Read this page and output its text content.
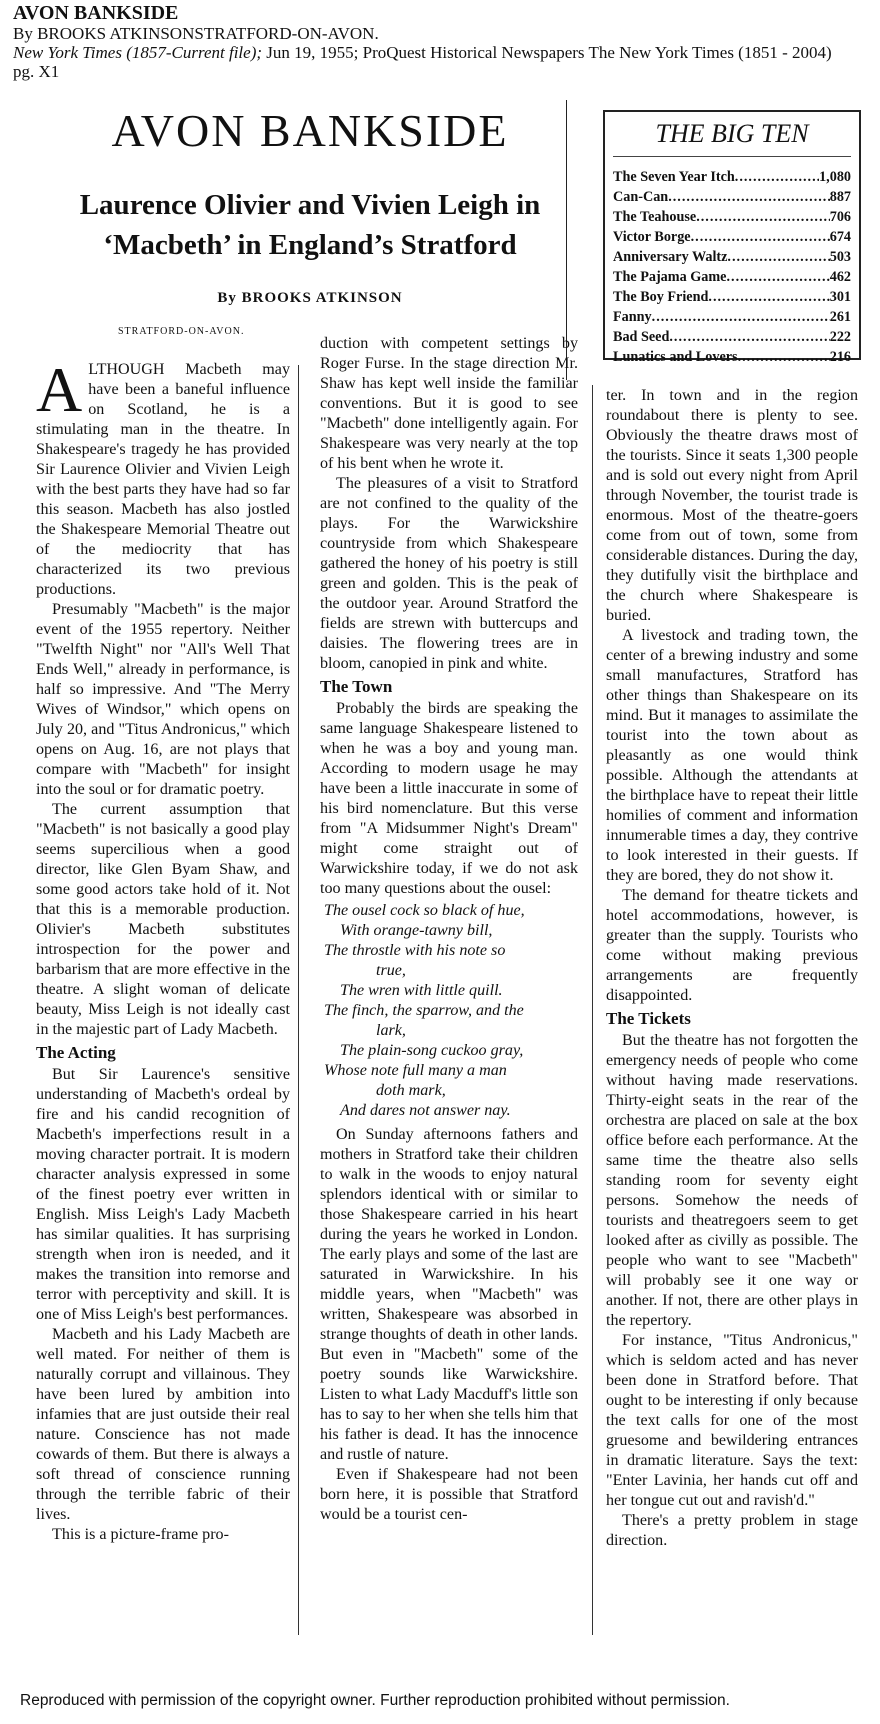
AVON BANKSIDE
By BROOKS ATKINSONSTRATFORD-ON-AVON.
New York Times (1857-Current file); Jun 19, 1955; ProQuest Historical Newspapers The New York Times (1851 - 2004)
pg. X1
AVON BANKSIDE
Laurence Olivier and Vivien Leigh in ‘Macbeth’ in England’s Stratford
By BROOKS ATKINSON
STRATFORD-ON-AVON.
THE BIG TEN
The Seven Year Itch .....	1,080
Can-Can .....	887
The Teahouse .....	706
Victor Borge .....	674
Anniversary Waltz .....	503
The Pajama Game .....	462
The Boy Friend .....	301
Fanny .....	261
Bad Seed .....	222
Lunatics and Lovers .....	216

ALTHOUGH Macbeth may have been a baneful influence on Scotland, he is a stimulating man in the theatre. In Shakespeare's tragedy he has provided Sir Laurence Olivier and Vivien Leigh with the best parts they have had so far this season. Macbeth has also jostled the Shakespeare Memorial Theatre out of the mediocrity that has characterized its two previous productions.

Presumably "Macbeth" is the major event of the 1955 repertory. Neither "Twelfth Night" nor "All's Well That Ends Well," already in performance, is half so impressive. And "The Merry Wives of Windsor," which opens on July 20, and "Titus Andronicus," which opens on Aug. 16, are not plays that compare with "Macbeth" for insight into the soul or for dramatic poetry.

The current assumption that "Macbeth" is not basically a good play seems supercilious when a good director, like Glen Byam Shaw, and some good actors take hold of it. Not that this is a memorable production. Olivier's Macbeth substitutes introspection for the power and barbarism that are more effective in the theatre. A slight woman of delicate beauty, Miss Leigh is not ideally cast in the majestic part of Lady Macbeth.

The Acting

But Sir Laurence's sensitive understanding of Macbeth's ordeal by fire and his candid recognition of Macbeth's imperfections result in a moving character portrait. It is modern character analysis expressed in some of the finest poetry ever written in English. Miss Leigh's Lady Macbeth has similar qualities. It has surprising strength when iron is needed, and it makes the transition into remorse and terror with perceptivity and skill. It is one of Miss Leigh's best performances.

Macbeth and his Lady Macbeth are well mated. For neither of them is naturally corrupt and villainous. They have been lured by ambition into infamies that are just outside their real nature. Conscience has not made cowards of them. But there is always a soft thread of conscience running through the terrible fabric of their lives.

This is a picture-frame pro-

duction with competent settings by Roger Furse. In the stage direction Mr. Shaw has kept well inside the familiar conventions. But it is good to see "Macbeth" done intelligently again. For Shakespeare was very nearly at the top of his bent when he wrote it.

The pleasures of a visit to Stratford are not confined to the quality of the plays. For the Warwickshire countryside from which Shakespeare gathered the honey of his poetry is still green and golden. This is the peak of the outdoor year. Around Stratford the fields are strewn with buttercups and daisies. The flowering trees are in bloom, canopied in pink and white.

The Town

Probably the birds are speaking the same language Shakespeare listened to when he was a boy and young man. According to modern usage he may have been a little inaccurate in some of his bird nomenclature. But this verse from "A Midsummer Night's Dream" might come straight out of Warwickshire today, if we do not ask too many questions about the ousel:

The ousel cock so black of hue,
With orange-tawny bill,
The throstle with his note so
true,
The wren with little quill.
The finch, the sparrow, and the
lark,
The plain-song cuckoo gray,
Whose note full many a man
doth mark,
And dares not answer nay.

On Sunday afternoons fathers and mothers in Stratford take their children to walk in the woods to enjoy natural splendors identical with or similar to those Shakespeare carried in his heart during the years he worked in London. The early plays and some of the last are saturated in Warwickshire. In his middle years, when "Macbeth" was written, Shakespeare was absorbed in strange thoughts of death in other lands. But even in "Macbeth" some of the poetry sounds like Warwickshire. Listen to what Lady Macduff's little son has to say to her when she tells him that his father is dead. It has the innocence and rustle of nature.

Even if Shakespeare had not been born here, it is possible that Stratford would be a tourist cen-

ter. In town and in the region roundabout there is plenty to see. Obviously the theatre draws most of the tourists. Since it seats 1,300 people and is sold out every night from April through November, the tourist trade is enormous. Most of the theatre-goers come from out of town, some from considerable distances. During the day, they dutifully visit the birthplace and the church where Shakespeare is buried.

A livestock and trading town, the center of a brewing industry and some small manufactures, Stratford has other things than Shakespeare on its mind. But it manages to assimilate the tourist into the town about as pleasantly as one would think possible. Although the attendants at the birthplace have to repeat their little homilies of comment and information innumerable times a day, they contrive to look interested in their guests. If they are bored, they do not show it.

The demand for theatre tickets and hotel accommodations, however, is greater than the supply. Tourists who come without making previous arrangements are frequently disappointed.

The Tickets

But the theatre has not forgotten the emergency needs of people who come without having made reservations. Thirty-eight seats in the rear of the orchestra are placed on sale at the box office before each performance. At the same time the theatre also sells standing room for seventy eight persons. Somehow the needs of tourists and theatregoers seem to get looked after as civilly as possible. The people who want to see "Macbeth" will probably see it one way or another. If not, there are other plays in the repertory.

For instance, "Titus Andronicus," which is seldom acted and has never been done in Stratford before. That ought to be interesting if only because the text calls for one of the most gruesome and bewildering entrances in dramatic literature. Says the text: "Enter Lavinia, her hands cut off and her tongue cut out and ravish'd."

There's a pretty problem in stage direction.

Reproduced with permission of the copyright owner. Further reproduction prohibited without permission.
